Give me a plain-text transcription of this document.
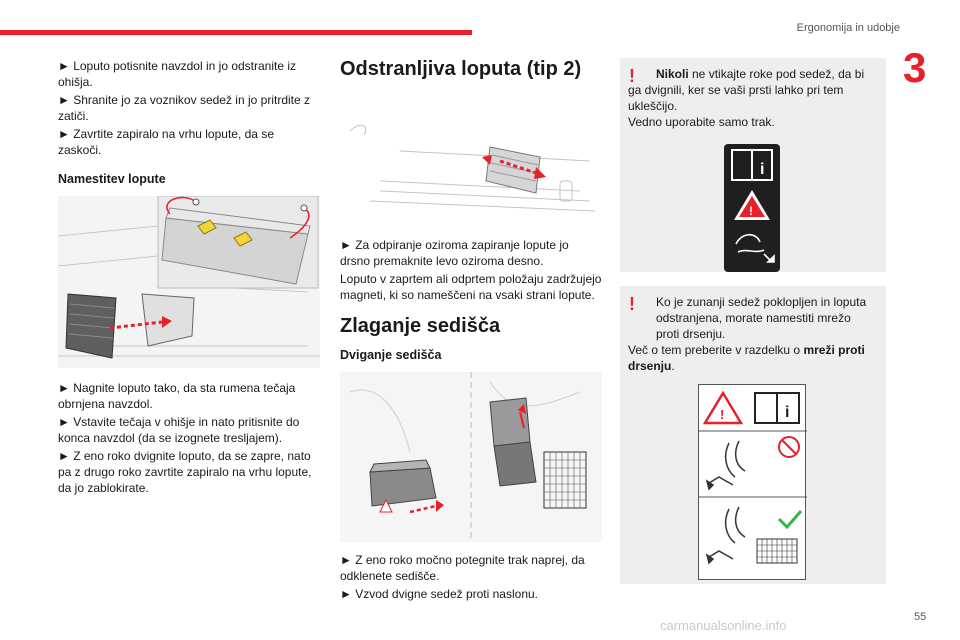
Ergonomija in udobje
3
► Loputo potisnite navzdol in jo odstranite iz ohišja.
► Shranite jo za voznikov sedež in jo pritrdite z zatiči.
► Zavrtite zapiralo na vrhu lopute, da se zaskoči.
Namestitev lopute
► Nagnite loputo tako, da sta rumena tečaja obrnjena navzdol.
► Vstavite tečaja v ohišje in nato pritisnite do konca navzdol (da se izognete tresljajem).
► Z eno roko dvignite loputo, da se zapre, nato pa z drugo roko zavrtite zapiralo na vrhu lopute, da jo zablokirate.
Odstranljiva loputa (tip 2)
► Za odpiranje oziroma zapiranje lopute jo drsno premaknite levo oziroma desno.
Loputo v zaprtem ali odprtem položaju zadržujejo magneti, ki so nameščeni na vsaki strani lopute.
Zlaganje sedišča
Dviganje sedišča
► Z eno roko močno potegnite trak naprej, da odklenete sedišče.
► Vzvod dvigne sedež proti naslonu.
!	Nikoli ne vtikajte roke pod sedež, da bi ga dvignili, ker se vaši prsti lahko pri tem ukleščijo.
Vedno uporabite samo trak.
i
!
!	Ko je zunanji sedež poklopljen in loputa odstranjena, morate namestiti mrežo proti drsenju.
Več o tem preberite v razdelku o mreži proti drsenju.
!	i
carmanualsonline.info
55
